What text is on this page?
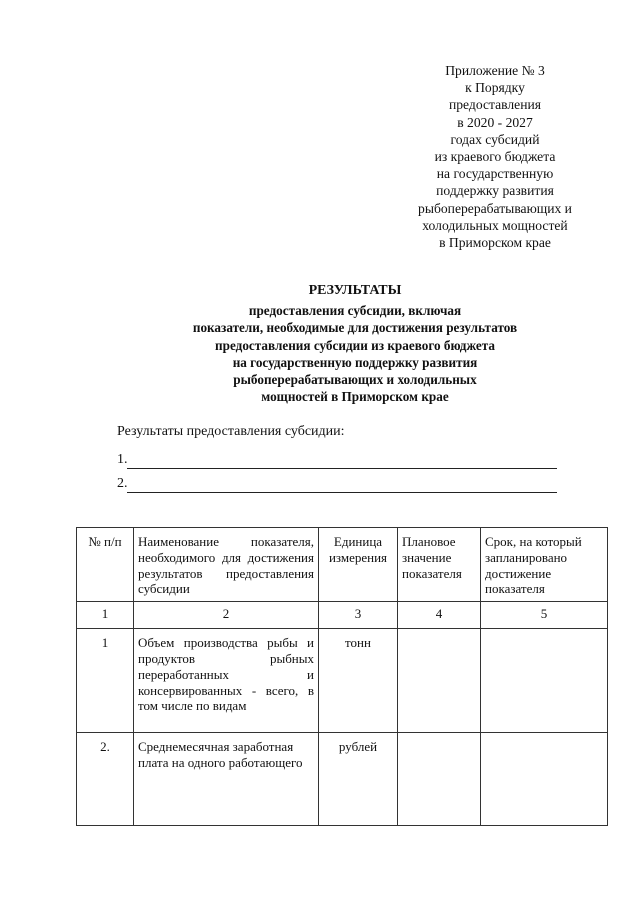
Приложение № 3
к Порядку
предоставления
в 2020 - 2027
годах субсидий
из краевого бюджета
на государственную
поддержку развития
рыбоперерабатывающих и
холодильных мощностей
в Приморском крае
РЕЗУЛЬТАТЫ
предоставления субсидии, включая
показатели, необходимые для достижения результатов
предоставления субсидии из краевого бюджета
на государственную поддержку развития
рыбоперерабатывающих и холодильных
мощностей в Приморском крае
Результаты предоставления субсидии:
1.
2.
№ п/п	Наименование показателя, необходимого для достижения результатов предоставления субсидии	Единица измерения	Плановое значение показателя	Срок, на который запланировано достижение показателя
1	2	3	4	5
1	Объем производства рыбы и продуктов рыбных переработанных и консервированных - всего, в том числе по видам	тонн		
2.	Среднемесячная заработная плата на одного работающего	рублей		
